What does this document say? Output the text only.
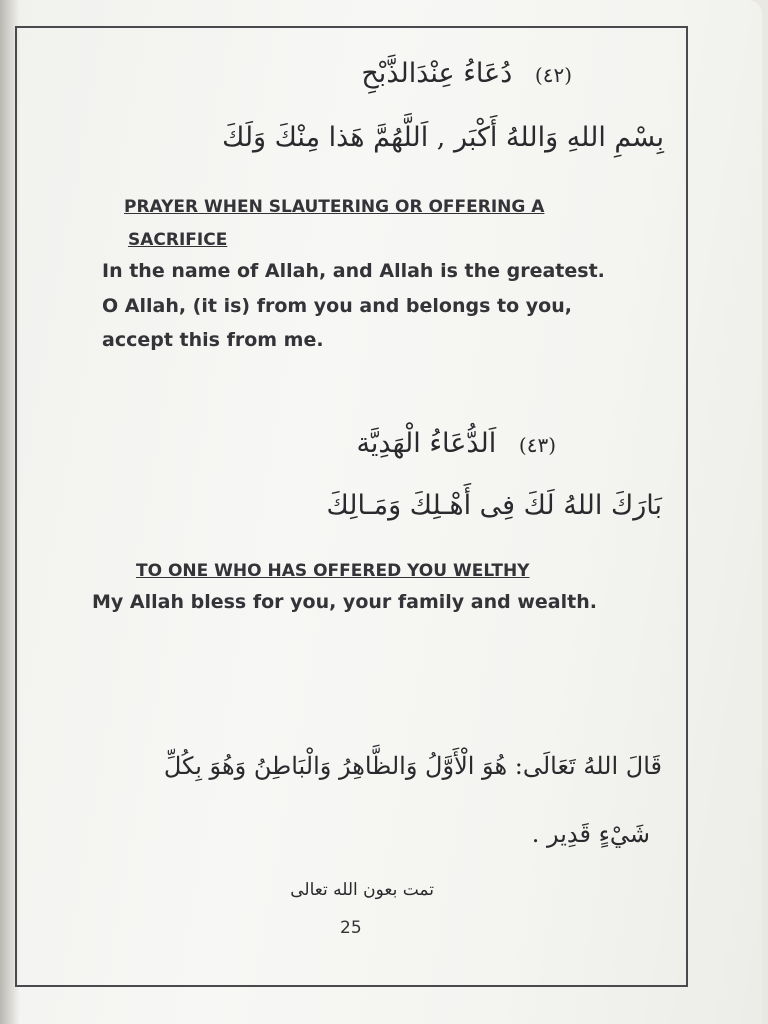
(٤٢) دُعَاءُ عِنْدَالذَّبْحِ
بِسْمِ اللهِ وَاللهُ أَكْبَر , اَللَّهُمَّ هَذا مِنْكَ وَلَكَ
PRAYER WHEN SLAUTERING OR OFFERING A
SACRIFICE
In the name of Allah, and Allah is the greatest.
O Allah, (it is) from you and belongs to you,
accept this from me.
(٤٣) اَلدُّعَاءُ الْهَدِيَّة
بَارَكَ اللهُ لَكَ فِى أَهْـلِكَ وَمَـالِكَ
TO ONE WHO HAS OFFERED YOU WELTHY
My Allah bless for you, your family and wealth.
قَالَ اللهُ تَعَالَى: هُوَ الْأَوَّلُ وَالظَّاهِرُ وَالْبَاطِنُ وَهُوَ بِكُلِّ
شَيْءٍ قَدِير .
تمت بعون الله تعالى
25
